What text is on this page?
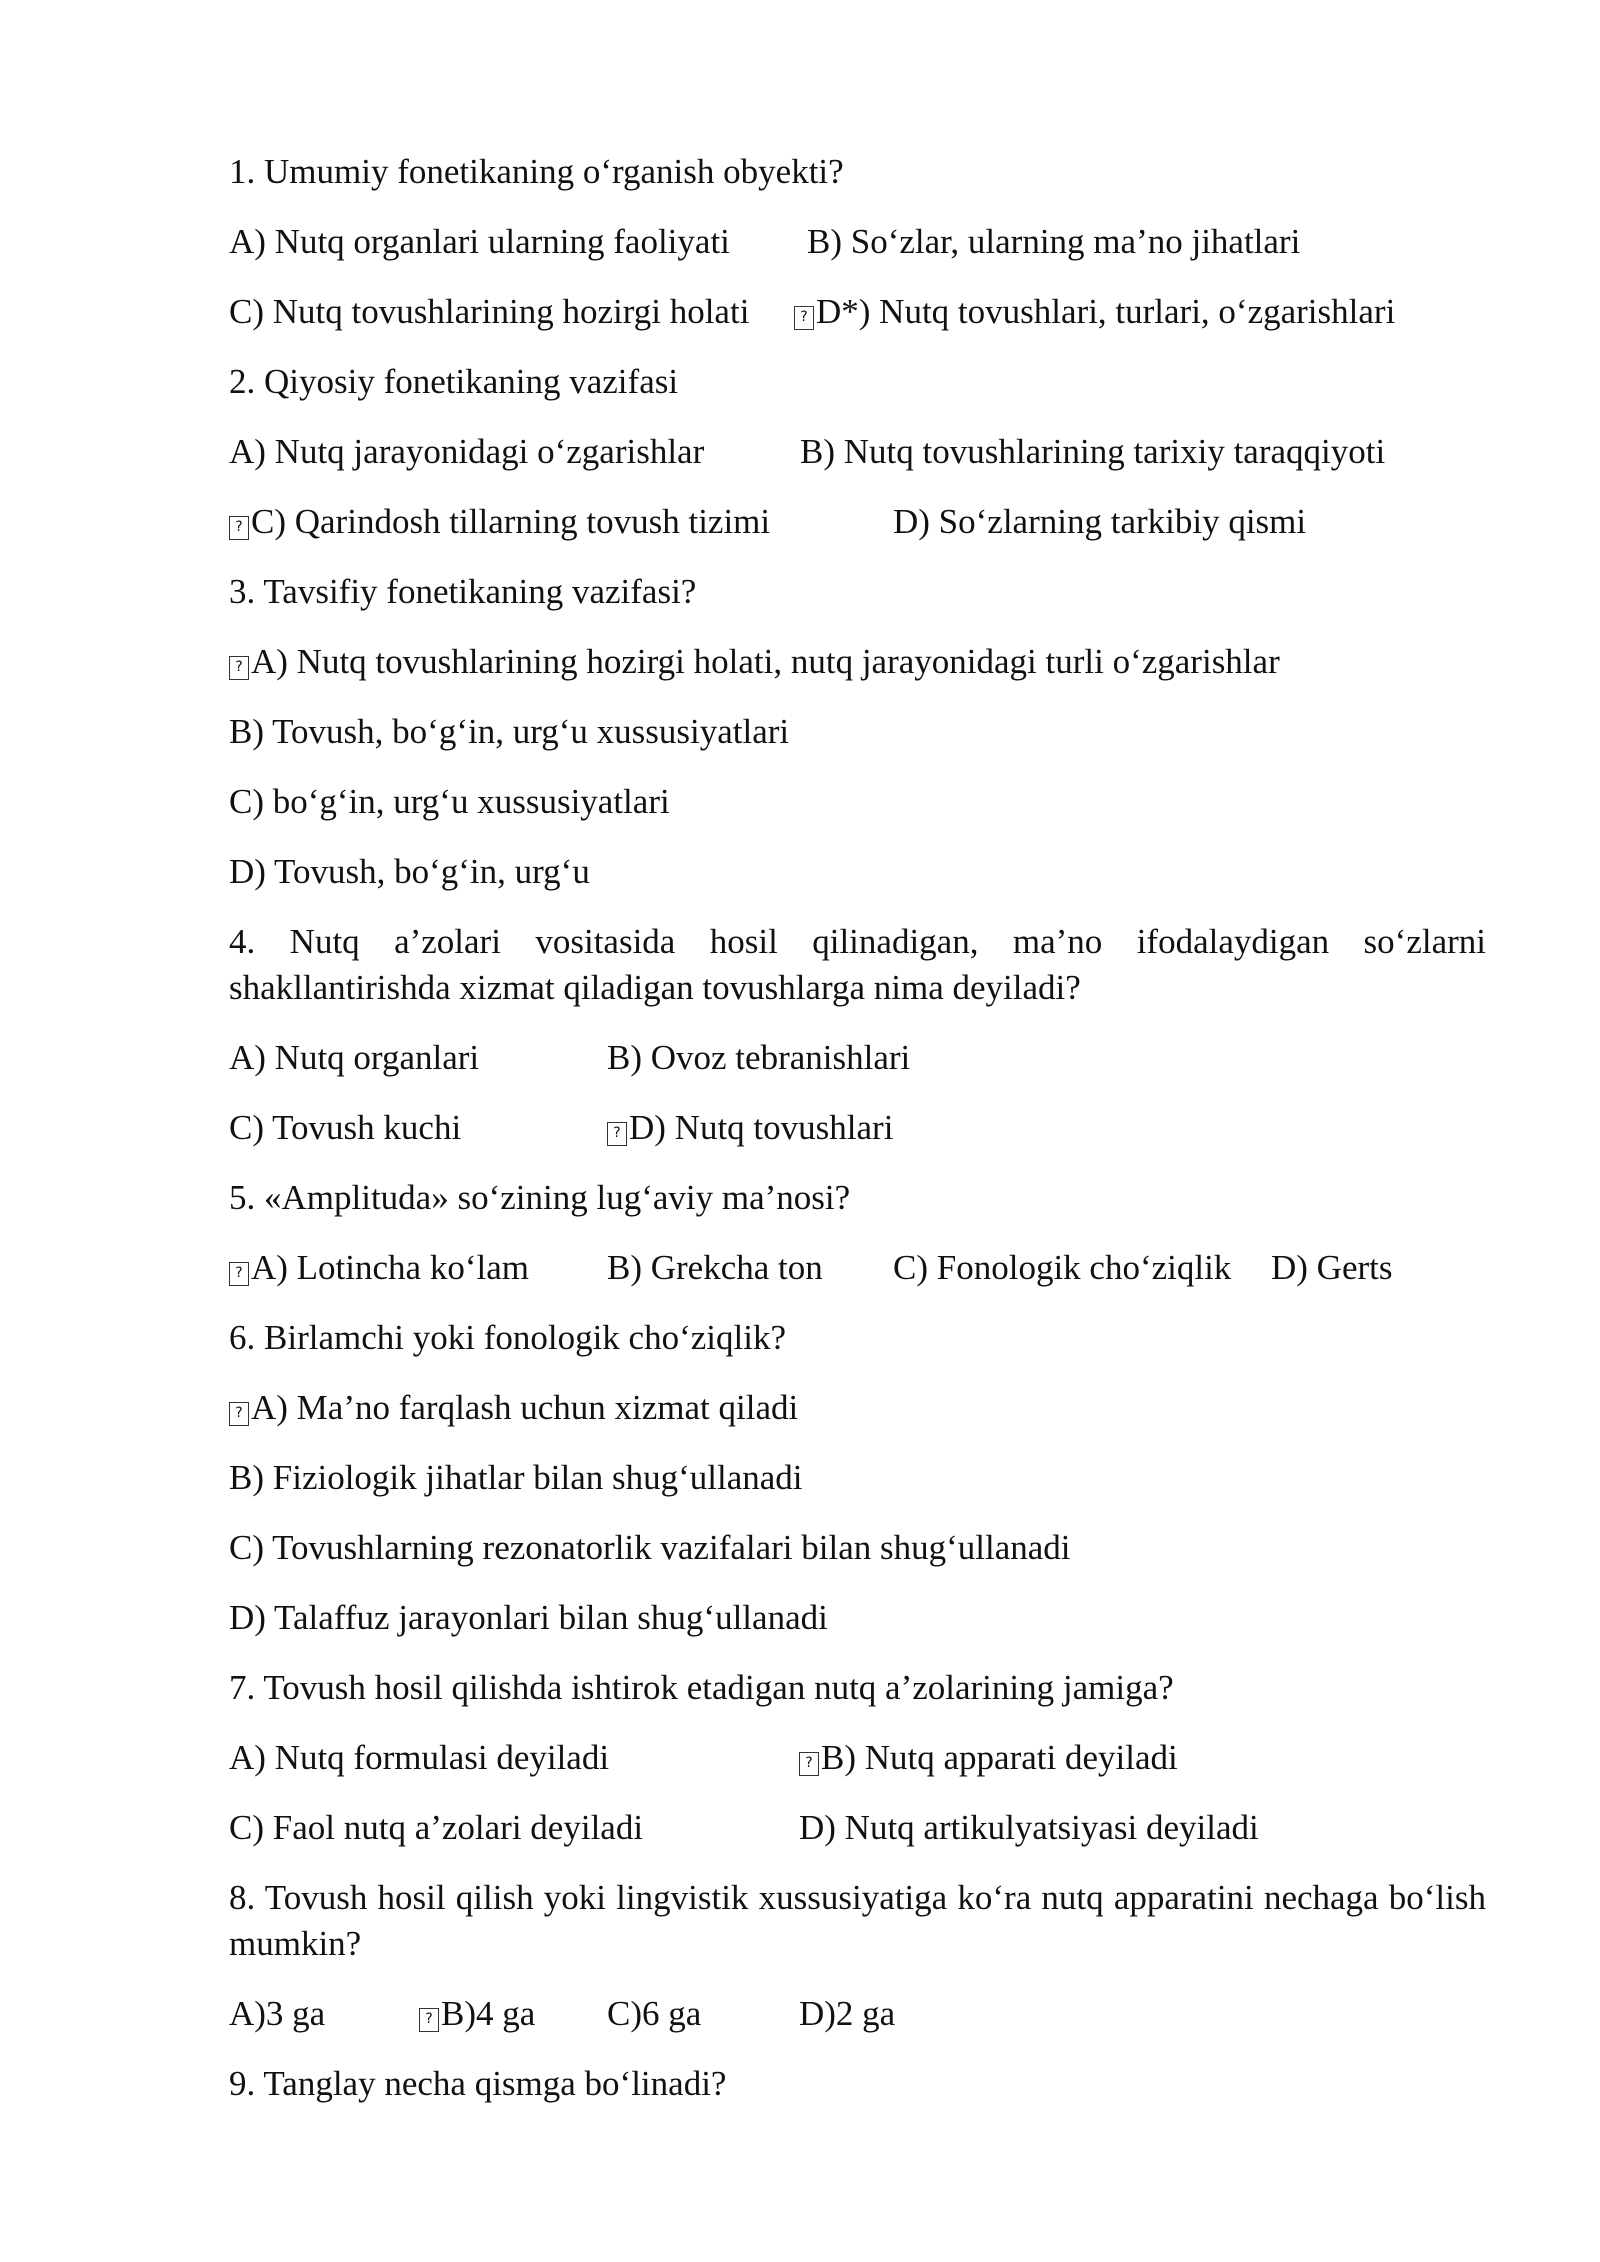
1. Umumiy fonetikaning o‘rganish obyekti?
A) Nutq organlari ularning faoliyati	B) So‘zlar, ularning ma’no jihatlari
C) Nutq tovushlarining hozirgi holati ?	D*) Nutq tovushlari, turlari, o‘zgarishlari
2. Qiyosiy fonetikaning vazifasi
A) Nutq jarayonidagi o‘zgarishlar	B) Nutq tovushlarining tarixiy taraqqiyoti
?C) Qarindosh tillarning tovush tizimi	D) So‘zlarning tarkibiy qismi
3. Tavsifiy fonetikaning vazifasi?
?A) Nutq tovushlarining hozirgi holati, nutq jarayonidagi turli o‘zgarishlar
B) Tovush, bo‘g‘in, urg‘u xussusiyatlari
C) bo‘g‘in, urg‘u xussusiyatlari
D) Tovush, bo‘g‘in, urg‘u
4. Nutq a’zolari vositasida hosil qilinadigan, ma’no ifodalaydigan so‘zlarni shakllantirishda xizmat qiladigan tovushlarga nima deyiladi?
A) Nutq organlari	B) Ovoz tebranishlari
C) Tovush kuchi ?	D) Nutq tovushlari
5. «Amplituda» so‘zining lug‘aviy ma’nosi?
?A) Lotincha ko‘lam	B) Grekcha ton	C) Fonologik cho‘ziqlik	D) Gerts
6. Birlamchi yoki fonologik cho‘ziqlik?
?A) Ma’no farqlash uchun xizmat qiladi
B) Fiziologik jihatlar bilan shug‘ullanadi
C) Tovushlarning rezonatorlik vazifalari bilan shug‘ullanadi
D) Talaffuz jarayonlari bilan shug‘ullanadi
7. Tovush hosil qilishda ishtirok etadigan nutq a’zolarining jamiga?
A) Nutq formulasi deyiladi ?	B) Nutq apparati deyiladi
C) Faol nutq a’zolari deyiladi	D) Nutq artikulyatsiyasi deyiladi
8. Tovush hosil qilish yoki lingvistik xussusiyatiga ko‘ra nutq apparatini nechaga bo‘lish mumkin?
A)3 ga ?	B)4 ga	C)6 ga	D)2 ga
9. Tanglay necha qismga bo‘linadi?
